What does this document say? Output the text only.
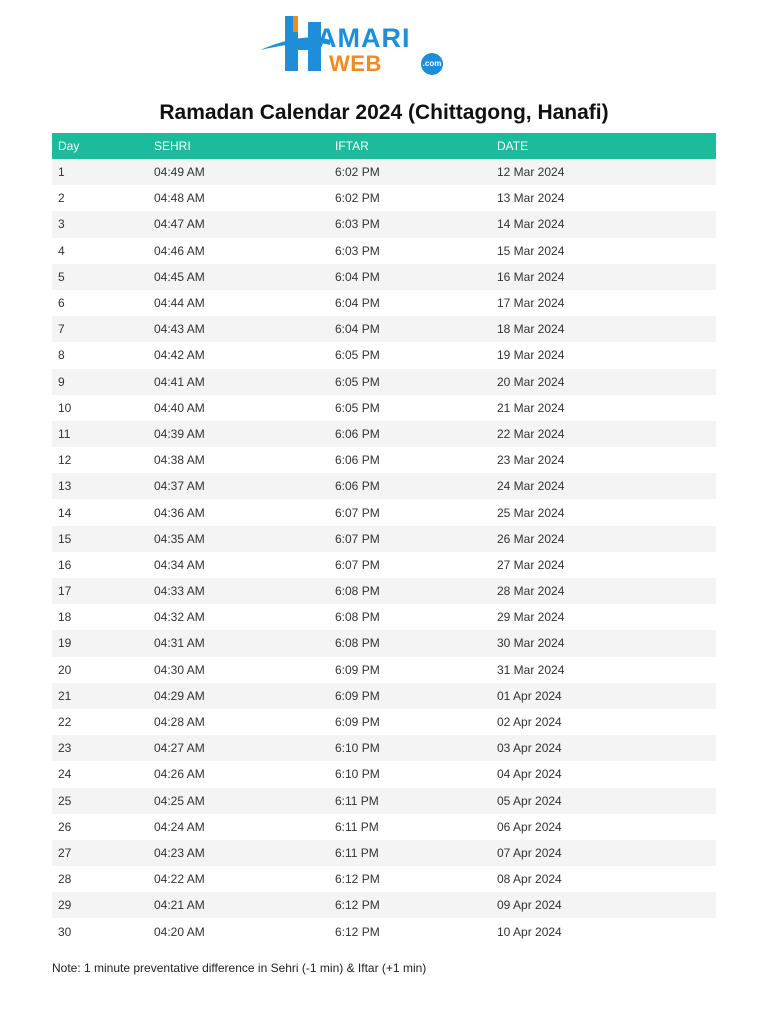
AMARI
WEB	.com
Ramadan Calendar 2024 (Chittagong, Hanafi)
Day	SEHRI	IFTAR	DATE
1	04:49 AM	6:02 PM	12 Mar 2024
2	04:48 AM	6:02 PM	13 Mar 2024
3	04:47 AM	6:03 PM	14 Mar 2024
4	04:46 AM	6:03 PM	15 Mar 2024
5	04:45 AM	6:04 PM	16 Mar 2024
6	04:44 AM	6:04 PM	17 Mar 2024
7	04:43 AM	6:04 PM	18 Mar 2024
8	04:42 AM	6:05 PM	19 Mar 2024
9	04:41 AM	6:05 PM	20 Mar 2024
10	04:40 AM	6:05 PM	21 Mar 2024
11	04:39 AM	6:06 PM	22 Mar 2024
12	04:38 AM	6:06 PM	23 Mar 2024
13	04:37 AM	6:06 PM	24 Mar 2024
14	04:36 AM	6:07 PM	25 Mar 2024
15	04:35 AM	6:07 PM	26 Mar 2024
16	04:34 AM	6:07 PM	27 Mar 2024
17	04:33 AM	6:08 PM	28 Mar 2024
18	04:32 AM	6:08 PM	29 Mar 2024
19	04:31 AM	6:08 PM	30 Mar 2024
20	04:30 AM	6:09 PM	31 Mar 2024
21	04:29 AM	6:09 PM	01 Apr 2024
22	04:28 AM	6:09 PM	02 Apr 2024
23	04:27 AM	6:10 PM	03 Apr 2024
24	04:26 AM	6:10 PM	04 Apr 2024
25	04:25 AM	6:11 PM	05 Apr 2024
26	04:24 AM	6:11 PM	06 Apr 2024
27	04:23 AM	6:11 PM	07 Apr 2024
28	04:22 AM	6:12 PM	08 Apr 2024
29	04:21 AM	6:12 PM	09 Apr 2024
30	04:20 AM	6:12 PM	10 Apr 2024

Note: 1 minute preventative difference in Sehri (-1 min) & Iftar (+1 min)
